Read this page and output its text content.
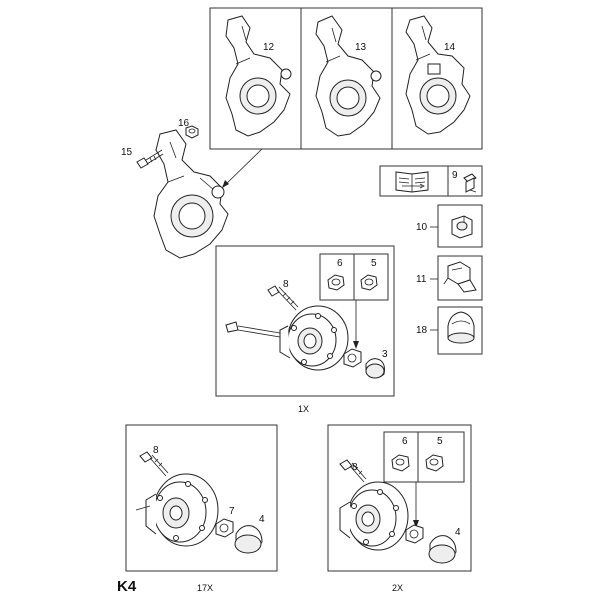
12	13	14
15
16
9
10
11
18
6	5
8
3
1X
8
7
4
17X
6	5
8
4
2X
K4
